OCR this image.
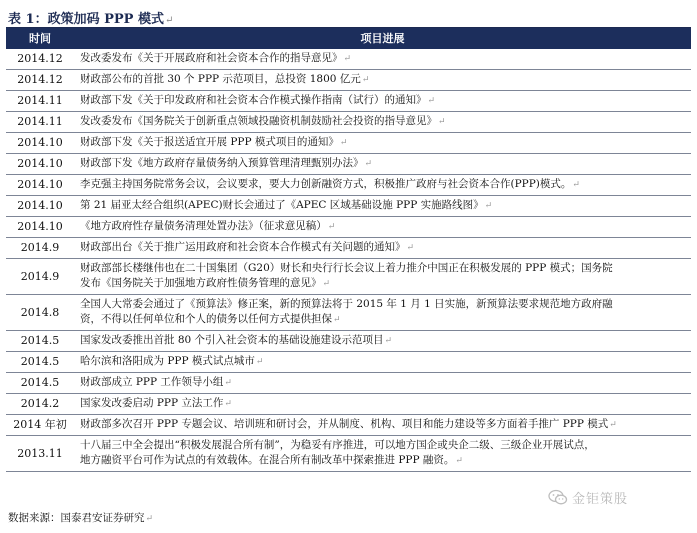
表 1：政策加码 PPP 模式↵
时间	项目进展
2014.12	发改委发布《关于开展政府和社会资本合作的指导意见》↵
2014.12	财政部公布的首批 30 个 PPP 示范项目，总投资 1800 亿元↵
2014.11	财政部下发《关于印发政府和社会资本合作模式操作指南（试行）的通知》↵
2014.11	发改委发布《国务院关于创新重点领域投融资机制鼓励社会投资的指导意见》↵
2014.10	财政部下发《关于报送适宜开展 PPP 模式项目的通知》↵
2014.10	财政部下发《地方政府存量债务纳入预算管理清理甄别办法》↵
2014.10	李克强主持国务院常务会议，会议要求，要大力创新融资方式，积极推广政府与社会资本合作(PPP)模式。↵
2014.10	第 21 届亚太经合组织(APEC)财长会通过了《APEC 区域基础设施 PPP 实施路线图》↵
2014.10	《地方政府性存量债务清理处置办法》（征求意见稿）↵
2014.9	财政部出台《关于推广运用政府和社会资本合作模式有关问题的通知》↵
2014.9	财政部部长楼继伟也在二十国集团（G20）财长和央行行长会议上着力推介中国正在积极发展的 PPP 模式；国务院
发布《国务院关于加强地方政府性债务管理的意见》↵
2014.8	全国人大常委会通过了《预算法》修正案，新的预算法将于 2015 年 1 月 1 日实施，新预算法要求规范地方政府融
资，不得以任何单位和个人的债务以任何方式提供担保↵
2014.5	国家发改委推出首批 80 个引入社会资本的基础设施建设示范项目↵
2014.5	哈尔滨和洛阳成为 PPP 模式试点城市↵
2014.5	财政部成立 PPP 工作领导小组↵
2014.2	国家发改委启动 PPP 立法工作↵
2014 年初	财政部多次召开 PPP 专题会议、培训班和研讨会，并从制度、机构、项目和能力建设等多方面着手推广 PPP 模式↵
2013.11	十八届三中全会提出“积极发展混合所有制”，为稳妥有序推进，可以地方国企或央企二级、三级企业开展试点，
地方融资平台可作为试点的有效载体。在混合所有制改革中探索推进 PPP 融资。↵
数据来源：国泰君安证券研究↵
金钜策股
